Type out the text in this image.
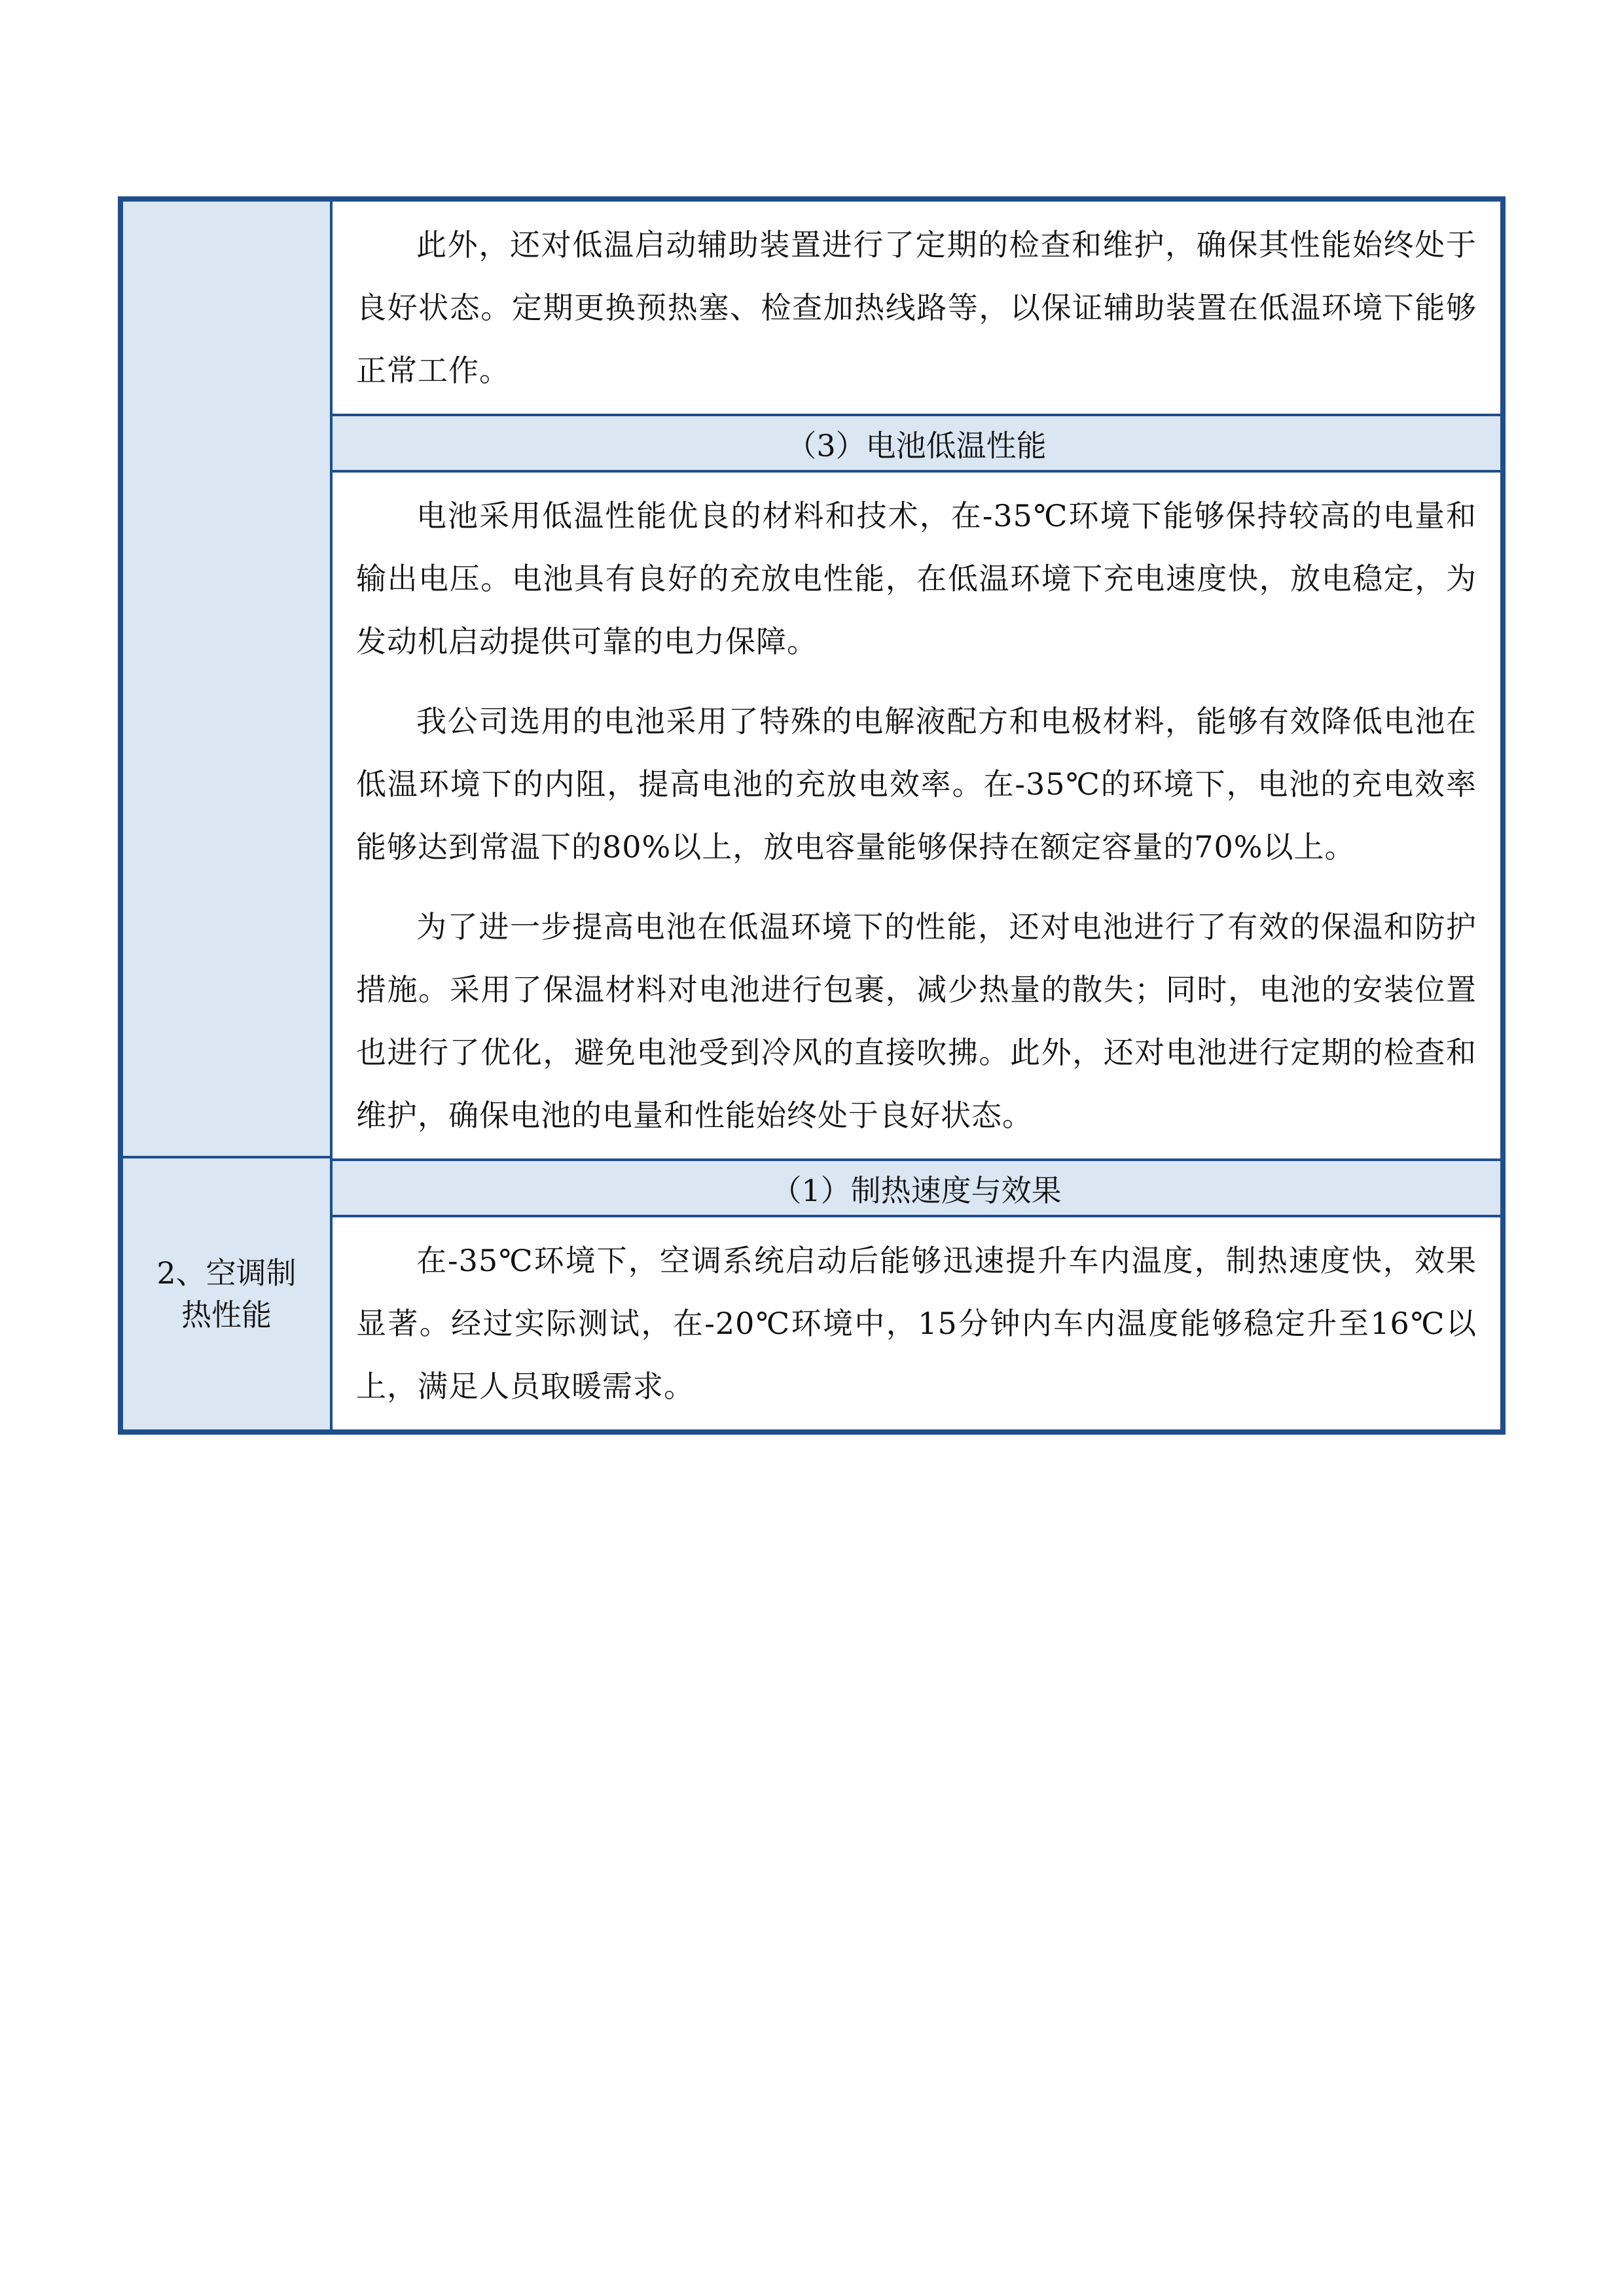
此外，还对低温启动辅助装置进行了定期的检查和维护，确保其性能始终处于良好状态。定期更换预热塞、检查加热线路等，以保证辅助装置在低温环境下能够正常工作。

（3）电池低温性能

电池采用低温性能优良的材料和技术，在-35℃环境下能够保持较高的电量和输出电压。电池具有良好的充放电性能，在低温环境下充电速度快，放电稳定，为发动机启动提供可靠的电力保障。

我公司选用的电池采用了特殊的电解液配方和电极材料，能够有效降低电池在低温环境下的内阻，提高电池的充放电效率。在-35℃的环境下，电池的充电效率能够达到常温下的80%以上，放电容量能够保持在额定容量的70%以上。

为了进一步提高电池在低温环境下的性能，还对电池进行了有效的保温和防护措施。采用了保温材料对电池进行包裹，减少热量的散失；同时，电池的安装位置也进行了优化，避免电池受到冷风的直接吹拂。此外，还对电池进行定期的检查和维护，确保电池的电量和性能始终处于良好状态。

2、空调制热性能
（1）制热速度与效果

在-35℃环境下，空调系统启动后能够迅速提升车内温度，制热速度快，效果显著。经过实际测试，在-20℃环境中，15分钟内车内温度能够稳定升至16℃以上，满足人员取暖需求。
